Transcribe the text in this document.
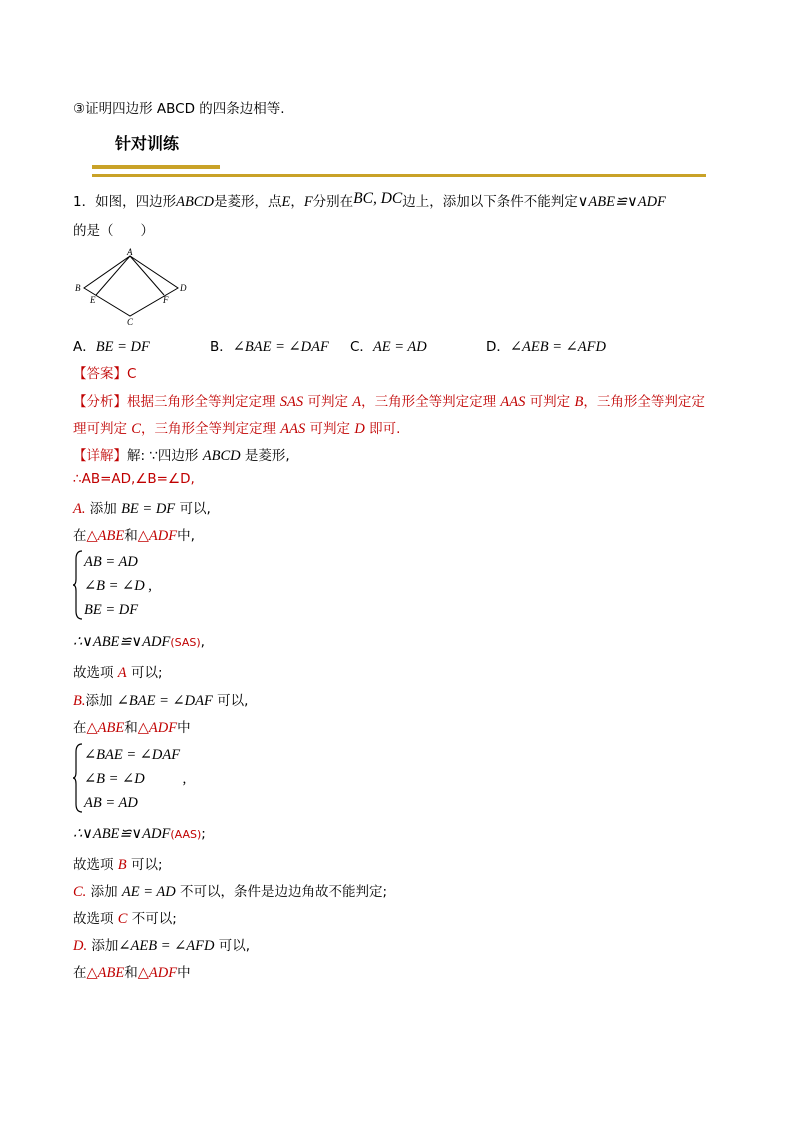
③证明四边形 ABCD 的四条边相等.
针对训练
1．如图，四边形ABCD是菱形，点E，F分别在BC, DC边上，添加以下条件不能判定∨ABE≌∨ADF
的是（　　）
A
B
C
D
E	F
A．BE = DF	B．∠BAE = ∠DAF C．AE = AD	D．∠AEB = ∠AFD
【答案】C
【分析】根据三角形全等判定定理 SAS 可判定 A，三角形全等判定定理 AAS 可判定 B，三角形全等判定定
理可判定 C，三角形全等判定定理 AAS 可判定 D 即可.
【详解】解: ∵四边形 ABCD 是菱形,
∴AB=AD,∠B=∠D,
A. 添加 BE = DF 可以,
在△ABE和△ADF中,
AB = AD
∠B = ∠D ,
BE = DF
∴∨ABE≌∨ADF(SAS),
故选项 A 可以;
B.添加 ∠BAE = ∠DAF 可以,
在△ABE和△ADF中
∠BAE = ∠DAF
∠B = ∠D	,
AB = AD
∴∨ABE≌∨ADF(AAS);
故选项 B 可以;
C. 添加 AE = AD 不可以，条件是边边角故不能判定;
故选项 C 不可以;
D. 添加∠AEB = ∠AFD 可以,
在△ABE和△ADF中
